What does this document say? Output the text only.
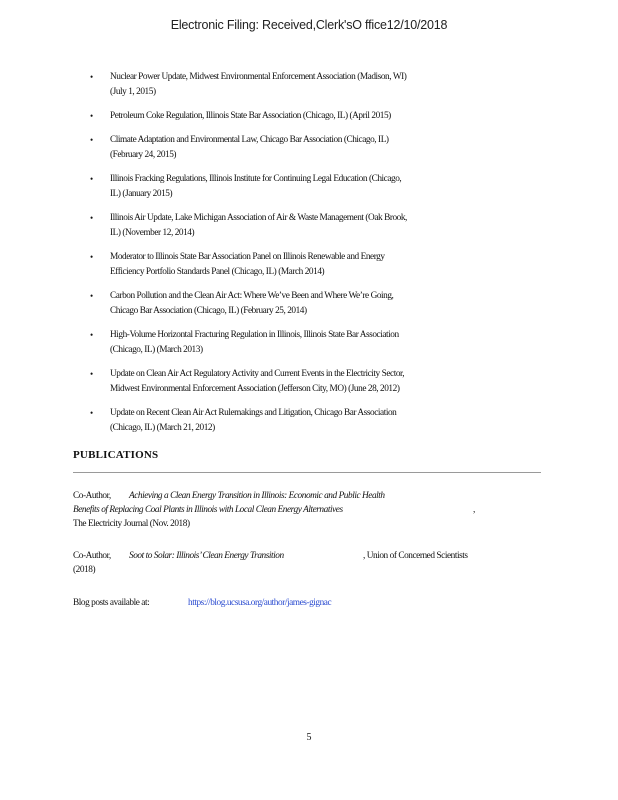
Electronic Filing: Received,Clerk'sO ffice12/10/2018
• Nuclear Power Update, Midwest Environmental Enforcement Association (Madison, WI)
(July 1, 2015)
• Petroleum Coke Regulation, Illinois State Bar Association (Chicago, IL) (April 2015)
• Climate Adaptation and Environmental Law, Chicago Bar Association (Chicago, IL)
(February 24, 2015)
• Illinois Fracking Regulations, Illinois Institute for Continuing Legal Education (Chicago,
IL) (January 2015)
• Illinois Air Update, Lake Michigan Association of Air & Waste Management (Oak Brook,
IL) (November 12, 2014)
• Moderator to Illinois State Bar Association Panel on Illinois Renewable and Energy
Efficiency Portfolio Standards Panel (Chicago, IL) (March 2014)
• Carbon Pollution and the Clean Air Act: Where We’ve Been and Where We’re Going,
Chicago Bar Association (Chicago, IL) (February 25, 2014)
• High-Volume Horizontal Fracturing Regulation in Illinois, Illinois State Bar Association
(Chicago, IL) (March 2013)
• Update on Clean Air Act Regulatory Activity and Current Events in the Electricity Sector,
Midwest Environmental Enforcement Association (Jefferson City, MO) (June 28, 2012)
• Update on Recent Clean Air Act Rulemakings and Litigation, Chicago Bar Association
(Chicago, IL) (March 21, 2012)
PUBLICATIONS
Co-Author, Achieving a Clean Energy Transition in Illinois: Economic and Public Health
Benefits of Replacing Coal Plants in Illinois with Local Clean Energy Alternatives	,
The Electricity Journal (Nov. 2018)
Co-Author, Soot to Solar: Illinois’ Clean Energy Transition	, Union of Concerned Scientists
(2018)
Blog posts available at:	https://blog.ucsusa.org/author/james-gignac
5
